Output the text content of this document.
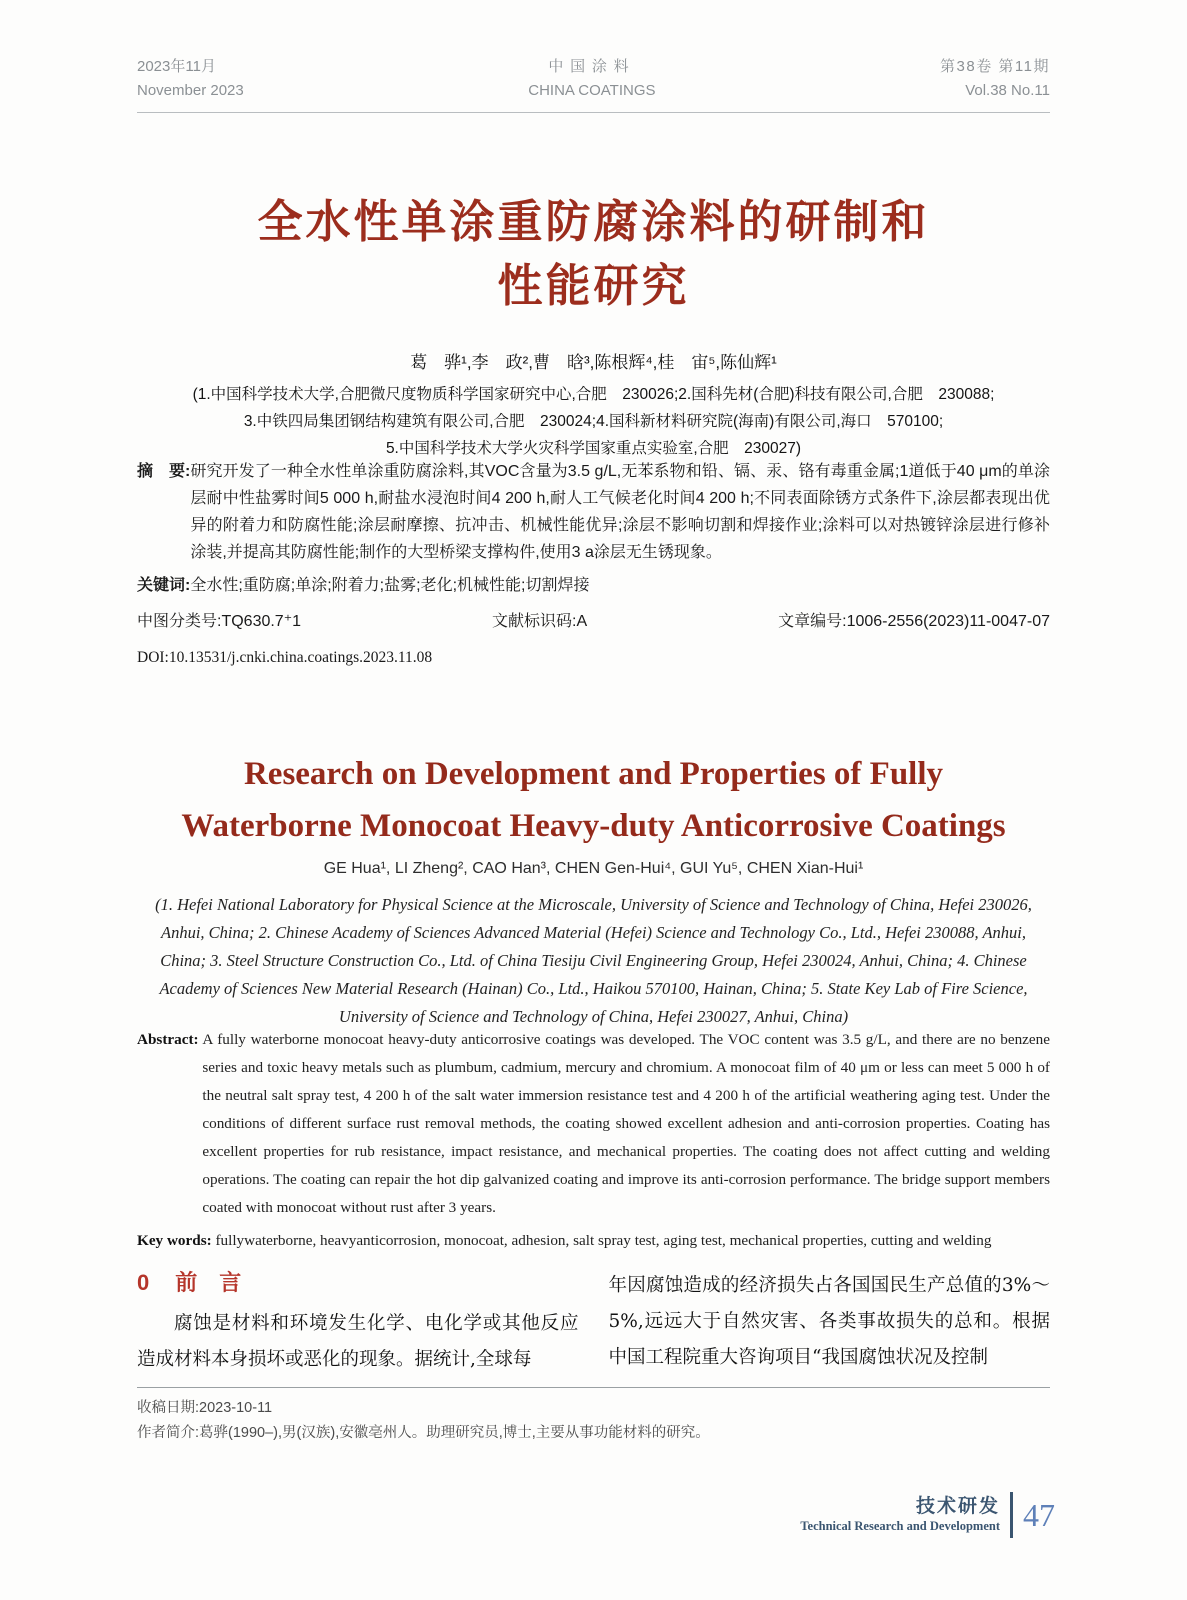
2023年11月
November 2023
中国涂料
CHINA COATINGS
第38卷 第11期
Vol.38 No.11
全水性单涂重防腐涂料的研制和
性能研究
葛　骅¹,李　政²,曹　晗³,陈根辉⁴,桂　宙⁵,陈仙辉¹
(1.中国科学技术大学,合肥微尺度物质科学国家研究中心,合肥　230026;2.国科先材(合肥)科技有限公司,合肥　230088;
3.中铁四局集团钢结构建筑有限公司,合肥　230024;4.国科新材料研究院(海南)有限公司,海口　570100;
5.中国科学技术大学火灾科学国家重点实验室,合肥　230027)
摘　要: 研究开发了一种全水性单涂重防腐涂料,其VOC含量为3.5 g/L,无苯系物和铅、镉、汞、铬有毒重金属;1道低于40 μm的单涂层耐中性盐雾时间5 000 h,耐盐水浸泡时间4 200 h,耐人工气候老化时间4 200 h;不同表面除锈方式条件下,涂层都表现出优异的附着力和防腐性能;涂层耐摩擦、抗冲击、机械性能优异;涂层不影响切割和焊接作业;涂料可以对热镀锌涂层进行修补涂装,并提高其防腐性能;制作的大型桥梁支撑构件,使用3 a涂层无生锈现象。
关键词: 全水性;重防腐;单涂;附着力;盐雾;老化;机械性能;切割焊接
中图分类号:TQ630.7⁺1	文献标识码:A	文章编号:1006-2556(2023)11-0047-07
DOI:10.13531/j.cnki.china.coatings.2023.11.08
Research on Development and Properties of Fully
Waterborne Monocoat Heavy-duty Anticorrosive Coatings
GE Hua¹, LI Zheng², CAO Han³, CHEN Gen-Hui⁴, GUI Yu⁵, CHEN Xian-Hui¹
(1. Hefei National Laboratory for Physical Science at the Microscale, University of Science and Technology of China, Hefei 230026, Anhui, China; 2. Chinese Academy of Sciences Advanced Material (Hefei) Science and Technology Co., Ltd., Hefei 230088, Anhui, China; 3. Steel Structure Construction Co., Ltd. of China Tiesiju Civil Engineering Group, Hefei 230024, Anhui, China; 4. Chinese Academy of Sciences New Material Research (Hainan) Co., Ltd., Haikou 570100, Hainan, China; 5. State Key Lab of Fire Science, University of Science and Technology of China, Hefei 230027, Anhui, China)
Abstract: A fully waterborne monocoat heavy-duty anticorrosive coatings was developed. The VOC content was 3.5 g/L, and there are no benzene series and toxic heavy metals such as plumbum, cadmium, mercury and chromium. A monocoat film of 40 μm or less can meet 5 000 h of the neutral salt spray test, 4 200 h of the salt water immersion resistance test and 4 200 h of the artificial weathering aging test. Under the conditions of different surface rust removal methods, the coating showed excellent adhesion and anti-corrosion properties. Coating has excellent properties for rub resistance, impact resistance, and mechanical properties. The coating does not affect cutting and welding operations. The coating can repair the hot dip galvanized coating and improve its anti-corrosion performance. The bridge support members coated with monocoat without rust after 3 years.
Key words: fullywaterborne, heavyanticorrosion, monocoat, adhesion, salt spray test, aging test, mechanical properties, cutting and welding
0 前　言
腐蚀是材料和环境发生化学、电化学或其他反应造成材料本身损坏或恶化的现象。据统计,全球每
年因腐蚀造成的经济损失占各国国民生产总值的3%～5%,远远大于自然灾害、各类事故损失的总和。根据中国工程院重大咨询项目“我国腐蚀状况及控制
收稿日期:2023-10-11
作者简介:葛骅(1990–),男(汉族),安徽亳州人。助理研究员,博士,主要从事功能材料的研究。
技术研发
Technical Research and Development 47
